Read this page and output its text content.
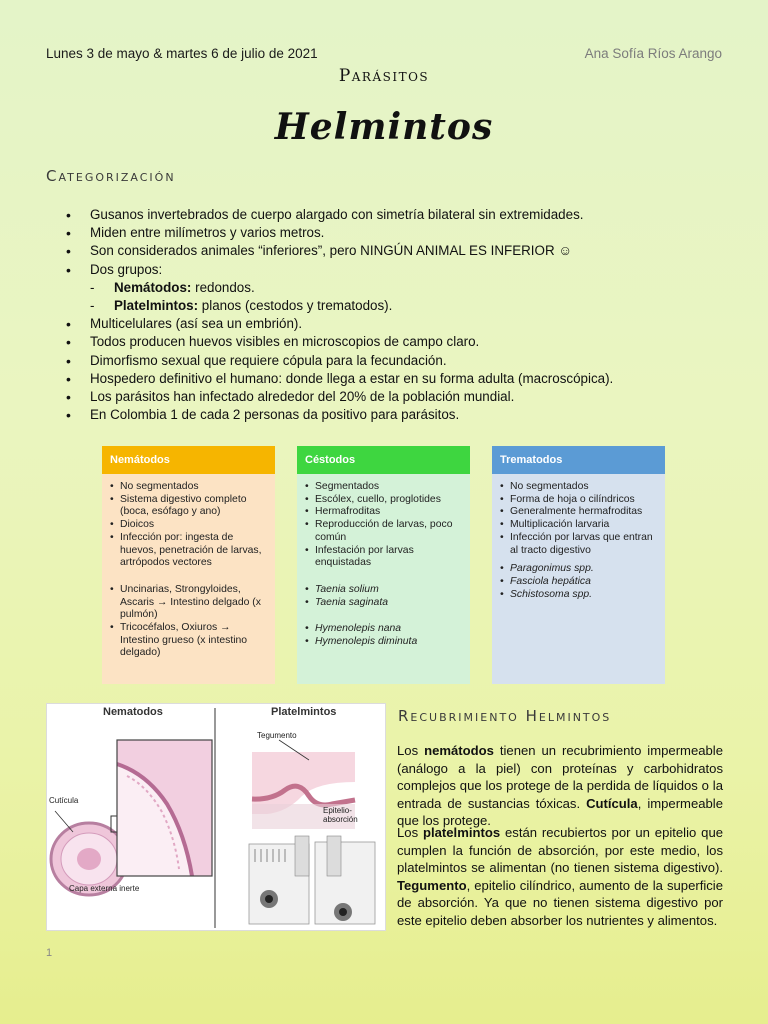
Lunes 3 de mayo & martes 6 de julio de 2021	Ana Sofía Ríos Arango
Parásitos
Helmintos
Categorización
• Gusanos invertebrados de cuerpo alargado con simetría bilateral sin extremidades.
• Miden entre milímetros y varios metros.
• Son considerados animales “inferiores”, pero NINGÚN ANIMAL ES INFERIOR ☺
• Dos grupos:
- Nemátodos: redondos.
- Platelmintos: planos (cestodos y trematodos).
• Multicelulares (así sea un embrión).
• Todos producen huevos visibles en microscopios de campo claro.
• Dimorfismo sexual que requiere cópula para la fecundación.
• Hospedero definitivo el humano: donde llega a estar en su forma adulta (macroscópica).
• Los parásitos han infectado alrededor del 20% de la población mundial.
• En Colombia 1 de cada 2 personas da positivo para parásitos.
Nemátodos
• No segmentados
• Sistema digestivo completo (boca, esófago y ano)
• Dioicos
• Infección por: ingesta de huevos, penetración de larvas, artrópodos vectores
• Uncinarias, Strongyloides, Ascaris → Intestino delgado (x pulmón)
• Tricocéfalos, Oxiuros → Intestino grueso (x intestino delgado)
Céstodos
• Segmentados
• Escólex, cuello, proglotides
• Hermafroditas
• Reproducción de larvas, poco común
• Infestación por larvas enquistadas
• Taenia solium
• Taenia saginata
• Hymenolepis nana
• Hymenolepis diminuta
Trematodos
• No segmentados
• Forma de hoja o cilíndricos
• Generalmente hermafroditas
• Multiplicación larvaria
• Infección por larvas que entran al tracto digestivo
• Paragonimus spp.
• Fasciola hepática
• Schistosoma spp.
Nematodos	Platelmintos
Cutícula
Capa externa inerte
Tegumento
Epitelio-absorción
Recubrimiento Helmintos
Los nemátodos tienen un recubrimiento impermeable (análogo a la piel) con proteínas y carbohidratos complejos que los protege de la perdida de líquidos o la entrada de sustancias tóxicas. Cutícula, impermeable que los protege.
Los platelmintos están recubiertos por un epitelio que cumplen la función de absorción, por este medio, los platelmintos se alimentan (no tienen sistema digestivo). Tegumento, epitelio cilíndrico, aumento de la superficie de absorción. Ya que no tienen sistema digestivo por este epitelio deben absorber los nutrientes y alimentos.
1
